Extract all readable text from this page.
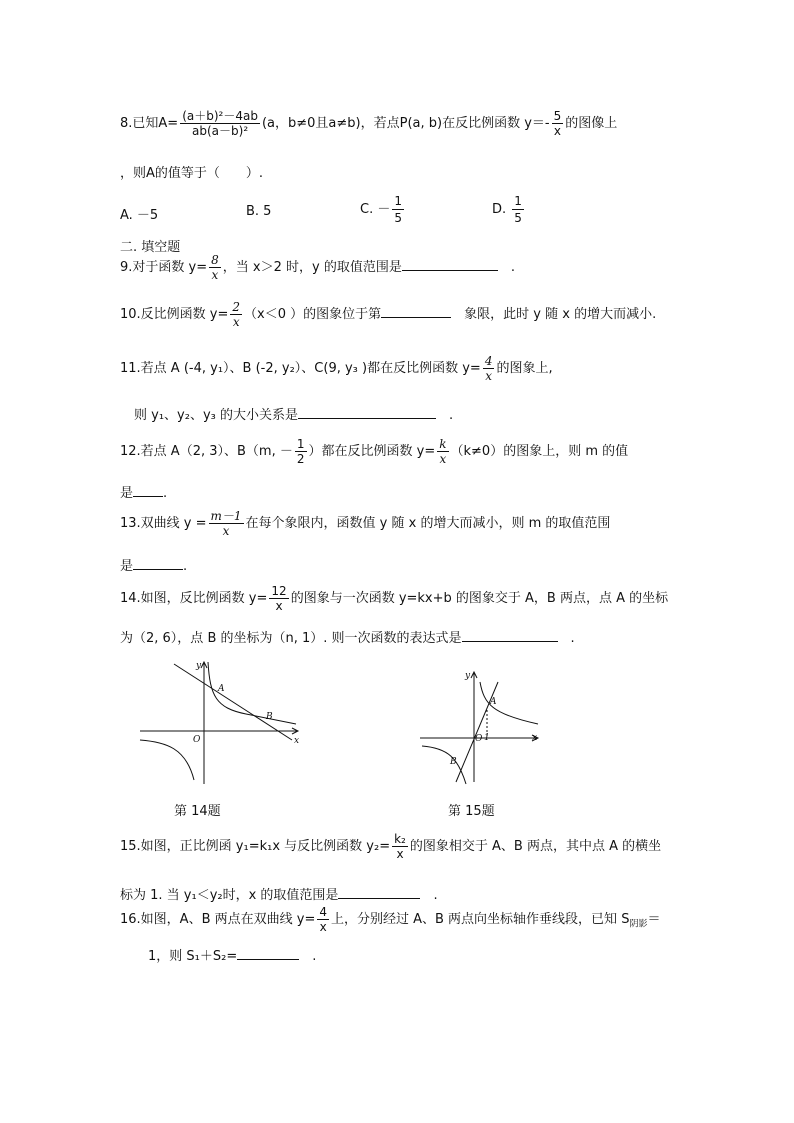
8.已知$A= \frac{\text{(a＋b)²－4ab}}{\text{ab(a－b)²}} (a$，b≠0且a≠b)，若点P(a, b)在反比例函数 $y=- \frac{5}{x}$ 的图像上
，则A的值等于（　　）.
A. －5	B. 5	C. － $\frac{1}{5}$	D. $\frac{1}{5}$
二. 填空题
9.对于函数 $y= \frac{8}{x}$ ，当 x＞2 时，y 的取值范围是　	.
10.反比例函数 $y= \frac{2}{x} (x<0$ ）的图象位于第　	象限，此时 y 随 x 的增大而减小.
11.若点 A (-4, y₁）、B (-2, y₂）、C(9, y₃ )都在反比例函数 $y= \frac{4}{x}$ 的图象上,
则 y₁、y₂、y₃ 的大小关系是　	.
12.若点 A（2, 3）、B（m, － $\frac{1}{2}$ ）都在反比例函数 $y= \frac{k}{x} (k\ne 0)$的图象上，则 m 的值
是 .
13.双曲线 $y = \frac{m-1}{x}$ 在每个象限内，函数值 y 随 x 的增大而减小，则 m 的取值范围
是	.
14.如图，反比例函数 $y= \frac{12}{x}$ 的图象与一次函数 y=kx+b 的图象交于 A，B 两点，点 A 的坐标
为（2, 6），点 B 的坐标为（n, 1）. 则一次函数的表达式是　	.
y
x
O
A
B
第 14题
y
x
O 1
A
B
第 15题
15.如图，正比例函 y₁=k₁x 与反比例函数 $y_2= \frac{\text{k₂}}{x}$ 的图象相交于 A、B 两点，其中点 A 的横坐
标为 1. 当 y₁＜y₂时，x 的取值范围是　	.
16.如图，A、B 两点在双曲线 $y= \frac{4}{x}$ 上，分别经过 A、B 两点向坐标轴作垂线段，已知 $S_{阴影}=$
1，则 S₁＋S₂=　	.
